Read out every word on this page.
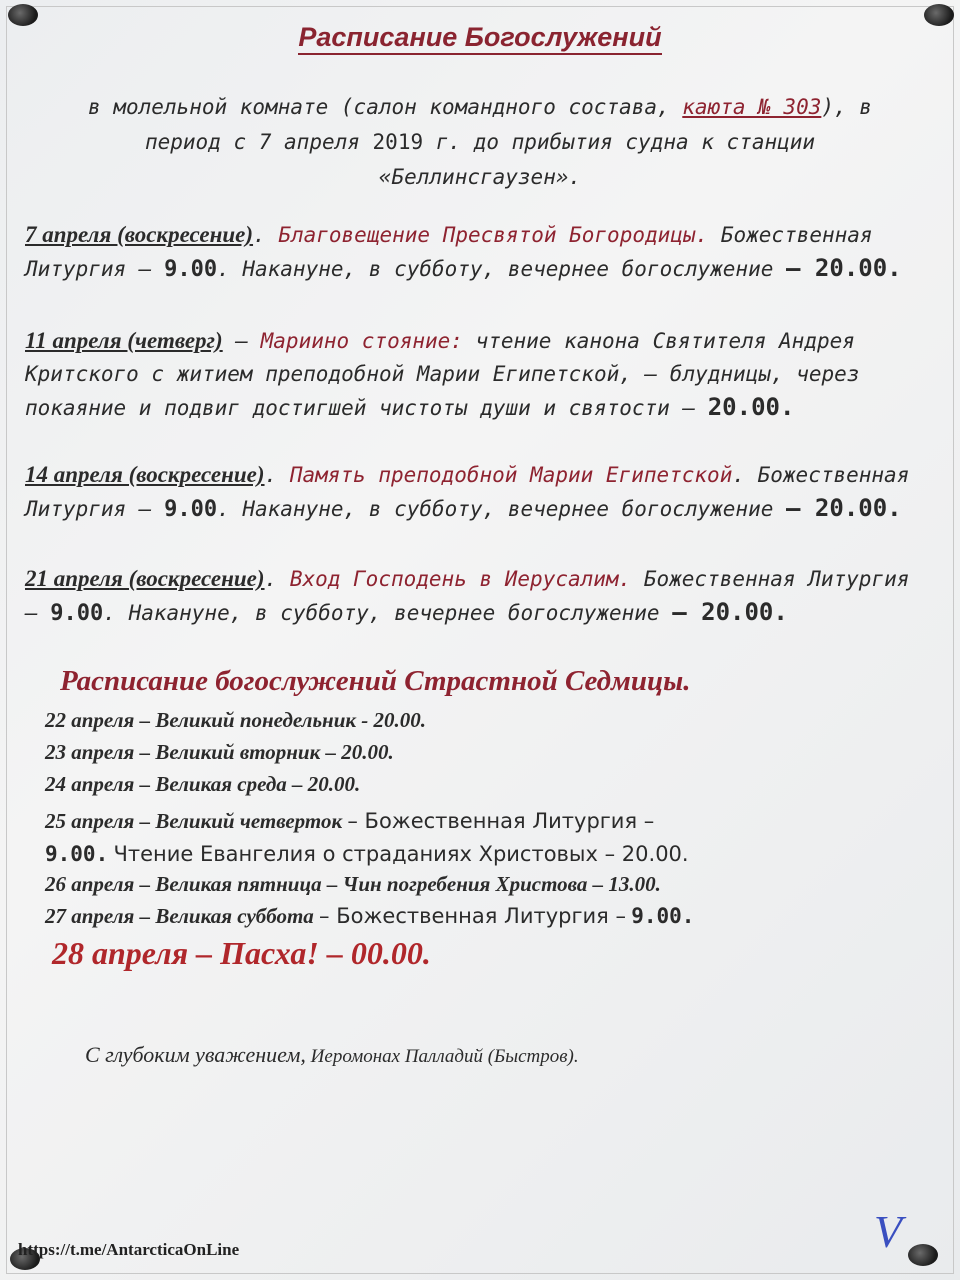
Расписание Богослужений
в молельной комнате (салон командного состава, каюта № 303), в период с 7 апреля 2019 г. до прибытия судна к станции «Беллинсгаузен».
7 апреля (воскресение). Благовещение Пресвятой Богородицы. Божественная Литургия – 9.00. Накануне, в субботу, вечернее богослужение – 20.00.
11 апреля (четверг) – Мариино стояние: чтение канона Святителя Андрея Критского с житием преподобной Марии Египетской, – блудницы, через покаяние и подвиг достигшей чистоты души и святости – 20.00.
14 апреля (воскресение). Память преподобной Марии Египетской. Божественная Литургия – 9.00. Накануне, в субботу, вечернее богослужение – 20.00.
21 апреля (воскресение). Вход Господень в Иерусалим. Божественная Литургия – 9.00. Накануне, в субботу, вечернее богослужение – 20.00.
Расписание богослужений Страстной Седмицы.
22 апреля – Великий понедельник - 20.00.
23 апреля – Великий вторник – 20.00.
24 апреля – Великая среда – 20.00.
25 апреля – Великий четверток – Божественная Литургия –
9.00. Чтение Евангелия о страданиях Христовых – 20.00.
26 апреля – Великая пятница – Чин погребения Христова – 13.00.
27 апреля – Великая суббота – Божественная Литургия – 9.00.
28 апреля – Пасха! – 00.00.
С глубоким уважением, Иеромонах Палладий (Быстров).
https://t.me/AntarcticaOnLine	V
